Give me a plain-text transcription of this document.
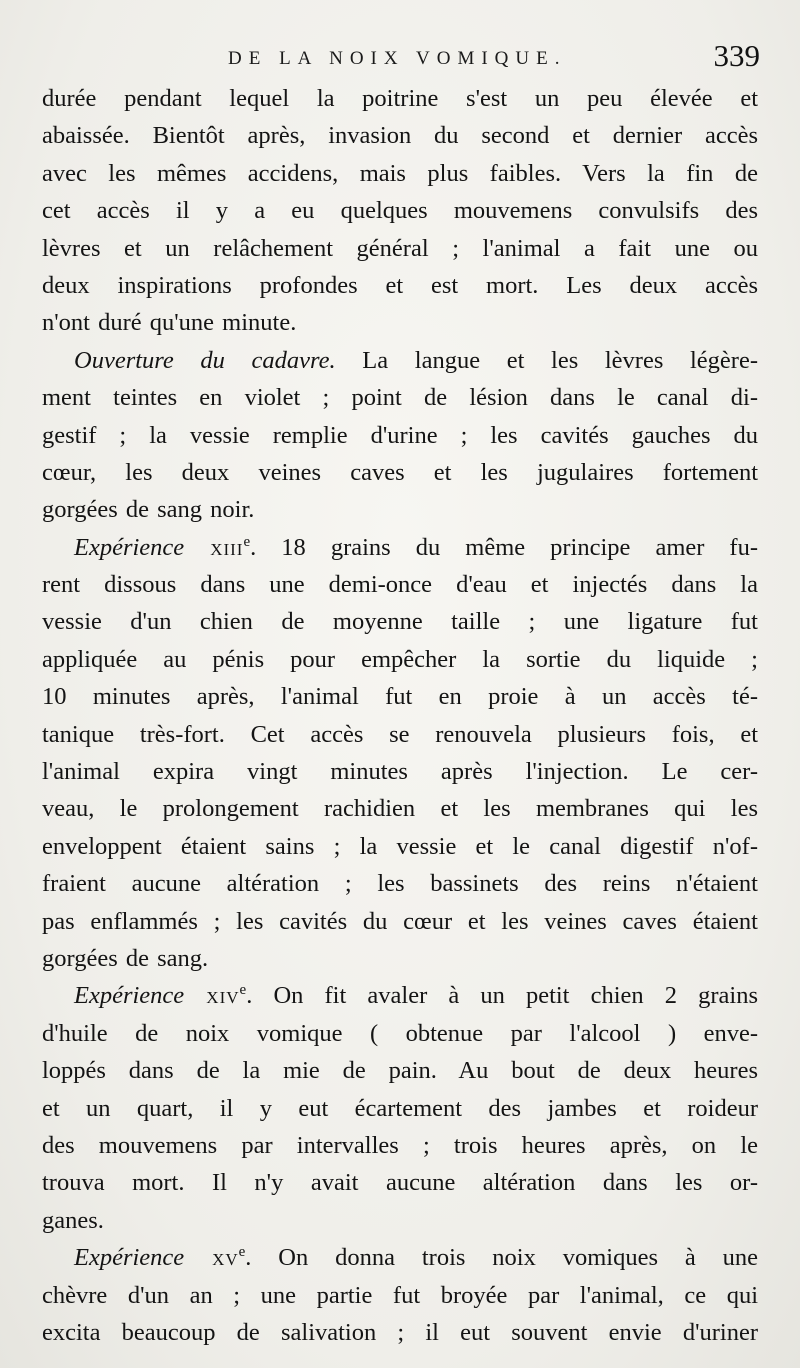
DE LA NOIX VOMIQUE.	339
durée pendant lequel la poitrine s'est un peu élevée et
abaissée. Bientôt après, invasion du second et dernier accès
avec les mêmes accidens, mais plus faibles. Vers la fin de
cet accès il y a eu quelques mouvemens convulsifs des
lèvres et un relâchement général ; l'animal a fait une ou
deux inspirations profondes et est mort. Les deux accès
n'ont duré qu'une minute.
Ouverture du cadavre. La langue et les lèvres légère-
ment teintes en violet ; point de lésion dans le canal di-
gestif ; la vessie remplie d'urine ; les cavités gauches du
cœur, les deux veines caves et les jugulaires fortement
gorgées de sang noir.
Expérience xiii$^e$. 18 grains du même principe amer fu-
rent dissous dans une demi-once d'eau et injectés dans la
vessie d'un chien de moyenne taille ; une ligature fut
appliquée au pénis pour empêcher la sortie du liquide ;
10 minutes après, l'animal fut en proie à un accès té-
tanique très-fort. Cet accès se renouvela plusieurs fois, et
l'animal expira vingt minutes après l'injection. Le cer-
veau, le prolongement rachidien et les membranes qui les
enveloppent étaient sains ; la vessie et le canal digestif n'of-
fraient aucune altération ; les bassinets des reins n'étaient
pas enflammés ; les cavités du cœur et les veines caves étaient
gorgées de sang.
Expérience xiv$^e$. On fit avaler à un petit chien 2 grains
d'huile de noix vomique ( obtenue par l'alcool ) enve-
loppés dans de la mie de pain. Au bout de deux heures
et un quart, il y eut écartement des jambes et roideur
des mouvemens par intervalles ; trois heures après, on le
trouva mort. Il n'y avait aucune altération dans les or-
ganes.
Expérience $xv^e$. On donna trois noix vomiques à une
chèvre d'un an ; une partie fut broyée par l'animal, ce qui
excita beaucoup de salivation ; il eut souvent envie d'uriner
